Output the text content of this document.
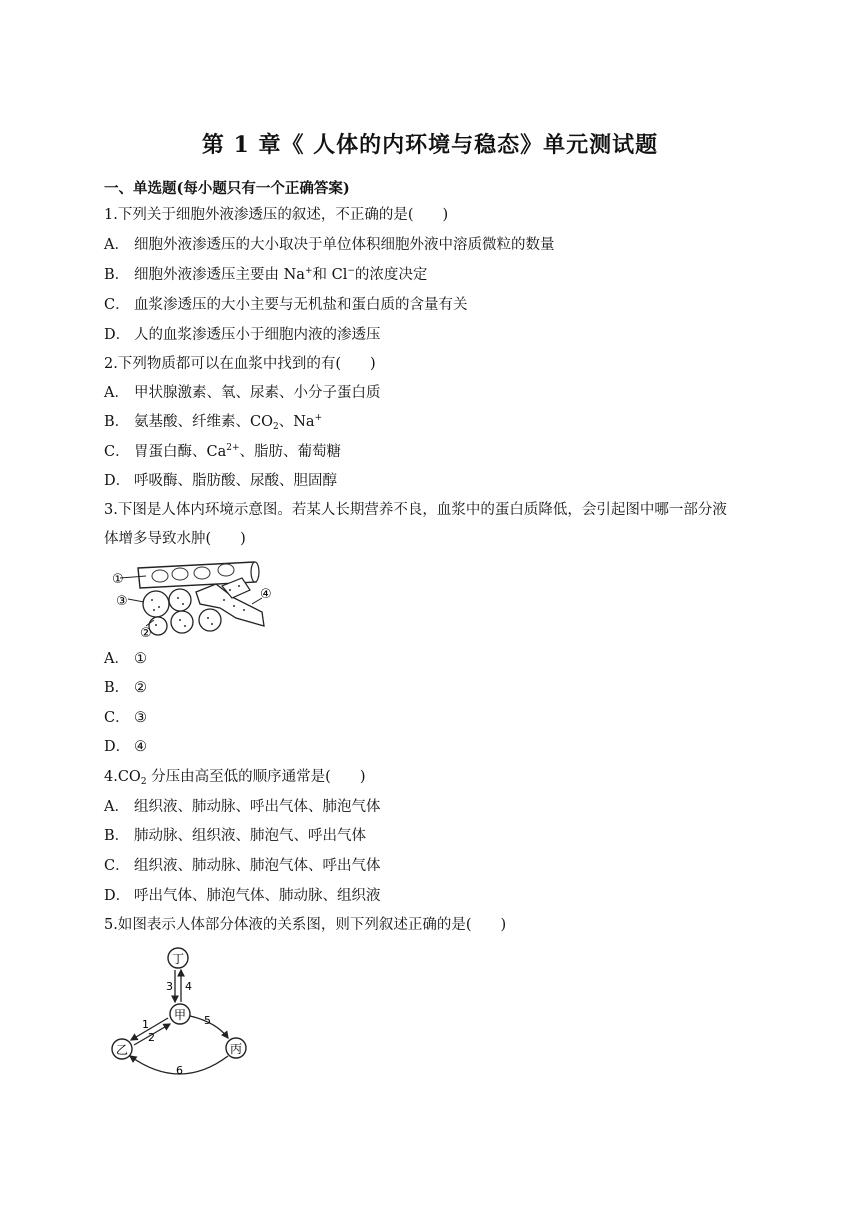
第 1 章《 人体的内环境与稳态》单元测试题
一、单选题(每小题只有一个正确答案)
1.下列关于细胞外液渗透压的叙述，不正确的是(　　)
A． 细胞外液渗透压的大小取决于单位体积细胞外液中溶质微粒的数量
B． 细胞外液渗透压主要由 Na+和 Cl−的浓度决定
C． 血浆渗透压的大小主要与无机盐和蛋白质的含量有关
D． 人的血浆渗透压小于细胞内液的渗透压
2.下列物质都可以在血浆中找到的有(　　)
A． 甲状腺激素、氧、尿素、小分子蛋白质
B． 氨基酸、纤维素、$CO_2$、Na+
C． 胃蛋白酶、$Ca^{2+}$、脂肪、葡萄糖
D． 呼吸酶、脂肪酸、尿酸、胆固醇
3.下图是人体内环境示意图。若某人长期营养不良，血浆中的蛋白质降低，会引起图中哪一部分液
体增多导致水肿(　　)
①
③
②
④
A． ①
B． ②
C． ③
D． ④
$4.CO_2$ 分压由高至低的顺序通常是(　　)
A． 组织液、肺动脉、呼出气体、肺泡气体
B． 肺动脉、组织液、肺泡气、呼出气体
C． 组织液、肺动脉、肺泡气体、呼出气体
D． 呼出气体、肺泡气体、肺动脉、组织液
5.如图表示人体部分体液的关系图，则下列叙述正确的是(　　)
丁
甲
乙	丙
3 4
1
2
5
6
